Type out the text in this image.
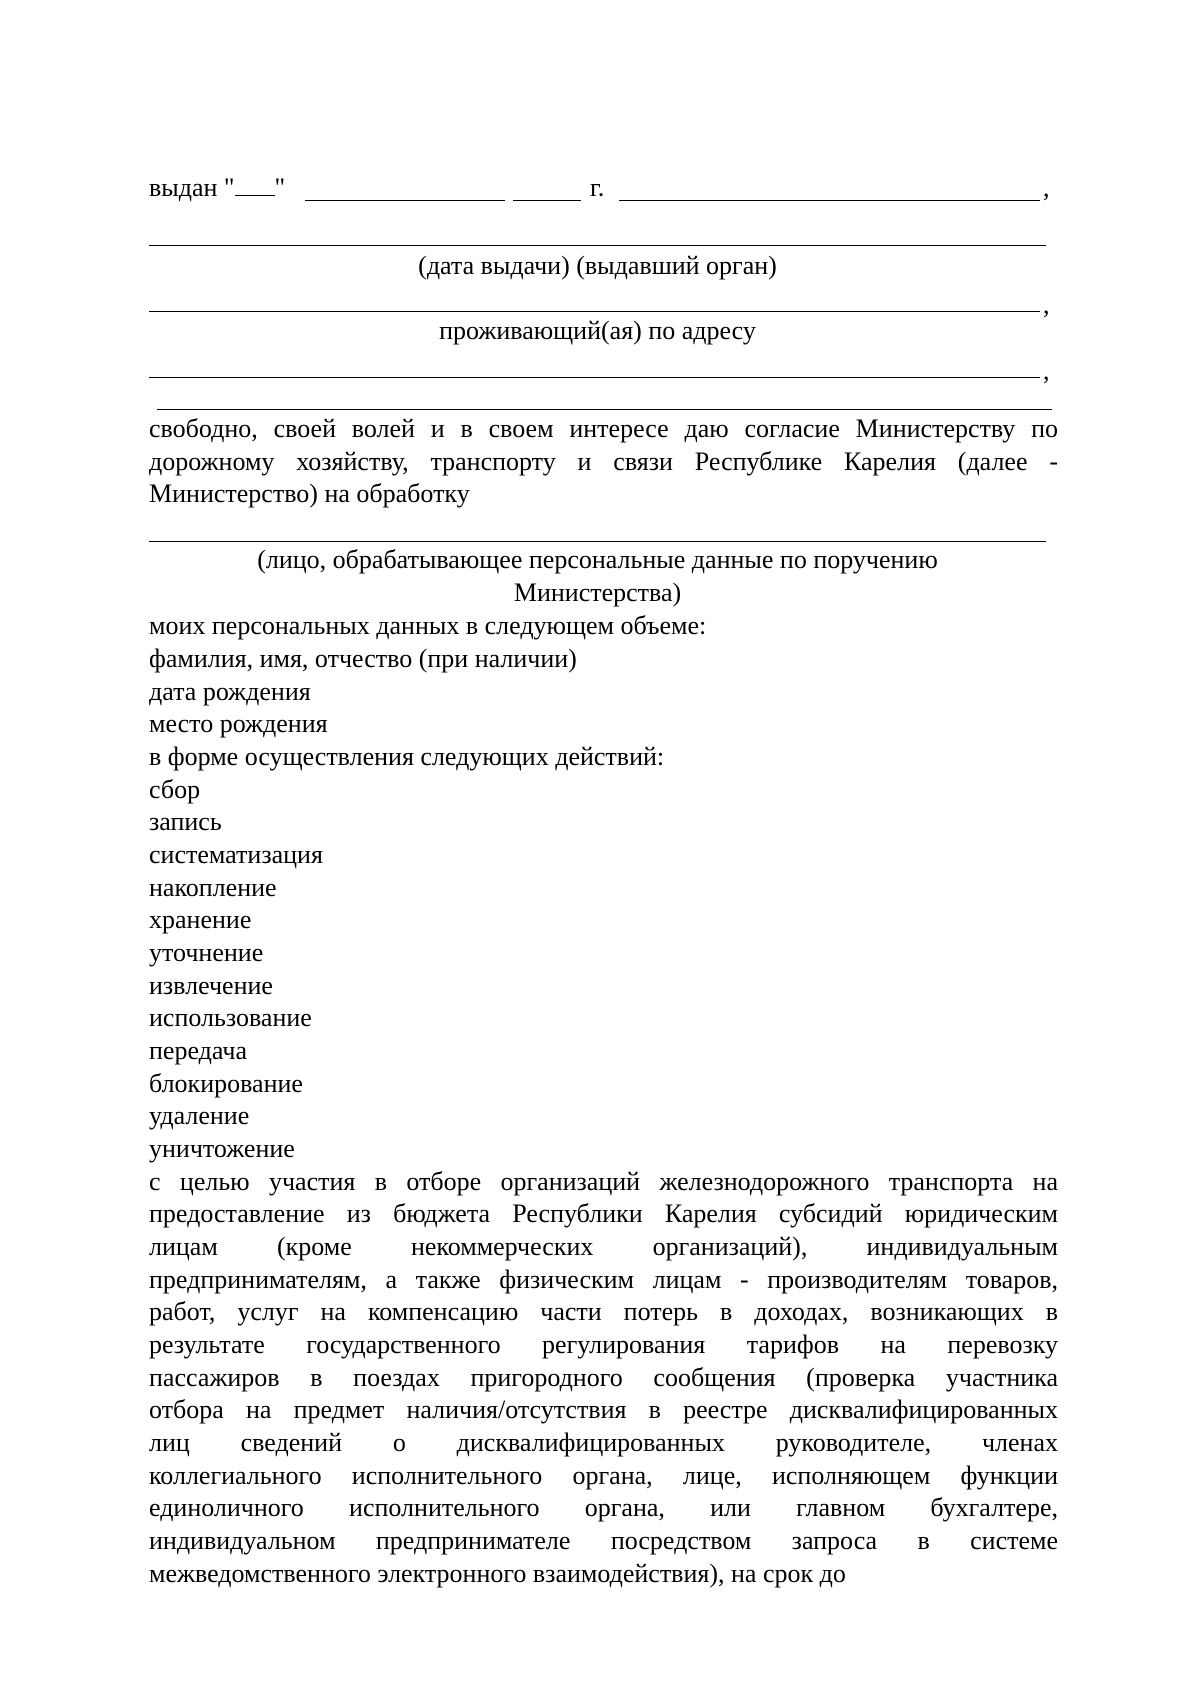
выдан " "	г.	,
(дата выдачи) (выдавший орган)
,
проживающий(ая) по адресу
,
свободно, своей волей и в своем интересе даю согласие Министерству по
дорожному хозяйству, транспорту и связи Республике Карелия (далее -
Министерство) на обработку
(лицо, обрабатывающее персональные данные по поручению
Министерства)
моих персональных данных в следующем объеме:
фамилия, имя, отчество (при наличии)
дата рождения
место рождения
в форме осуществления следующих действий:
сбор
запись
систематизация
накопление
хранение
уточнение
извлечение
использование
передача
блокирование
удаление
уничтожение
с целью участия в отборе организаций железнодорожного транспорта на
предоставление из бюджета Республики Карелия субсидий юридическим
лицам (кроме некоммерческих организаций), индивидуальным
предпринимателям, а также физическим лицам - производителям товаров,
работ, услуг на компенсацию части потерь в доходах, возникающих в
результате государственного регулирования тарифов на перевозку
пассажиров в поездах пригородного сообщения (проверка участника
отбора на предмет наличия/отсутствия в реестре дисквалифицированных
лиц сведений о дисквалифицированных руководителе, членах
коллегиального исполнительного органа, лице, исполняющем функции
единоличного исполнительного органа, или главном бухгалтере,
индивидуальном предпринимателе посредством запроса в системе
межведомственного электронного взаимодействия), на срок до
